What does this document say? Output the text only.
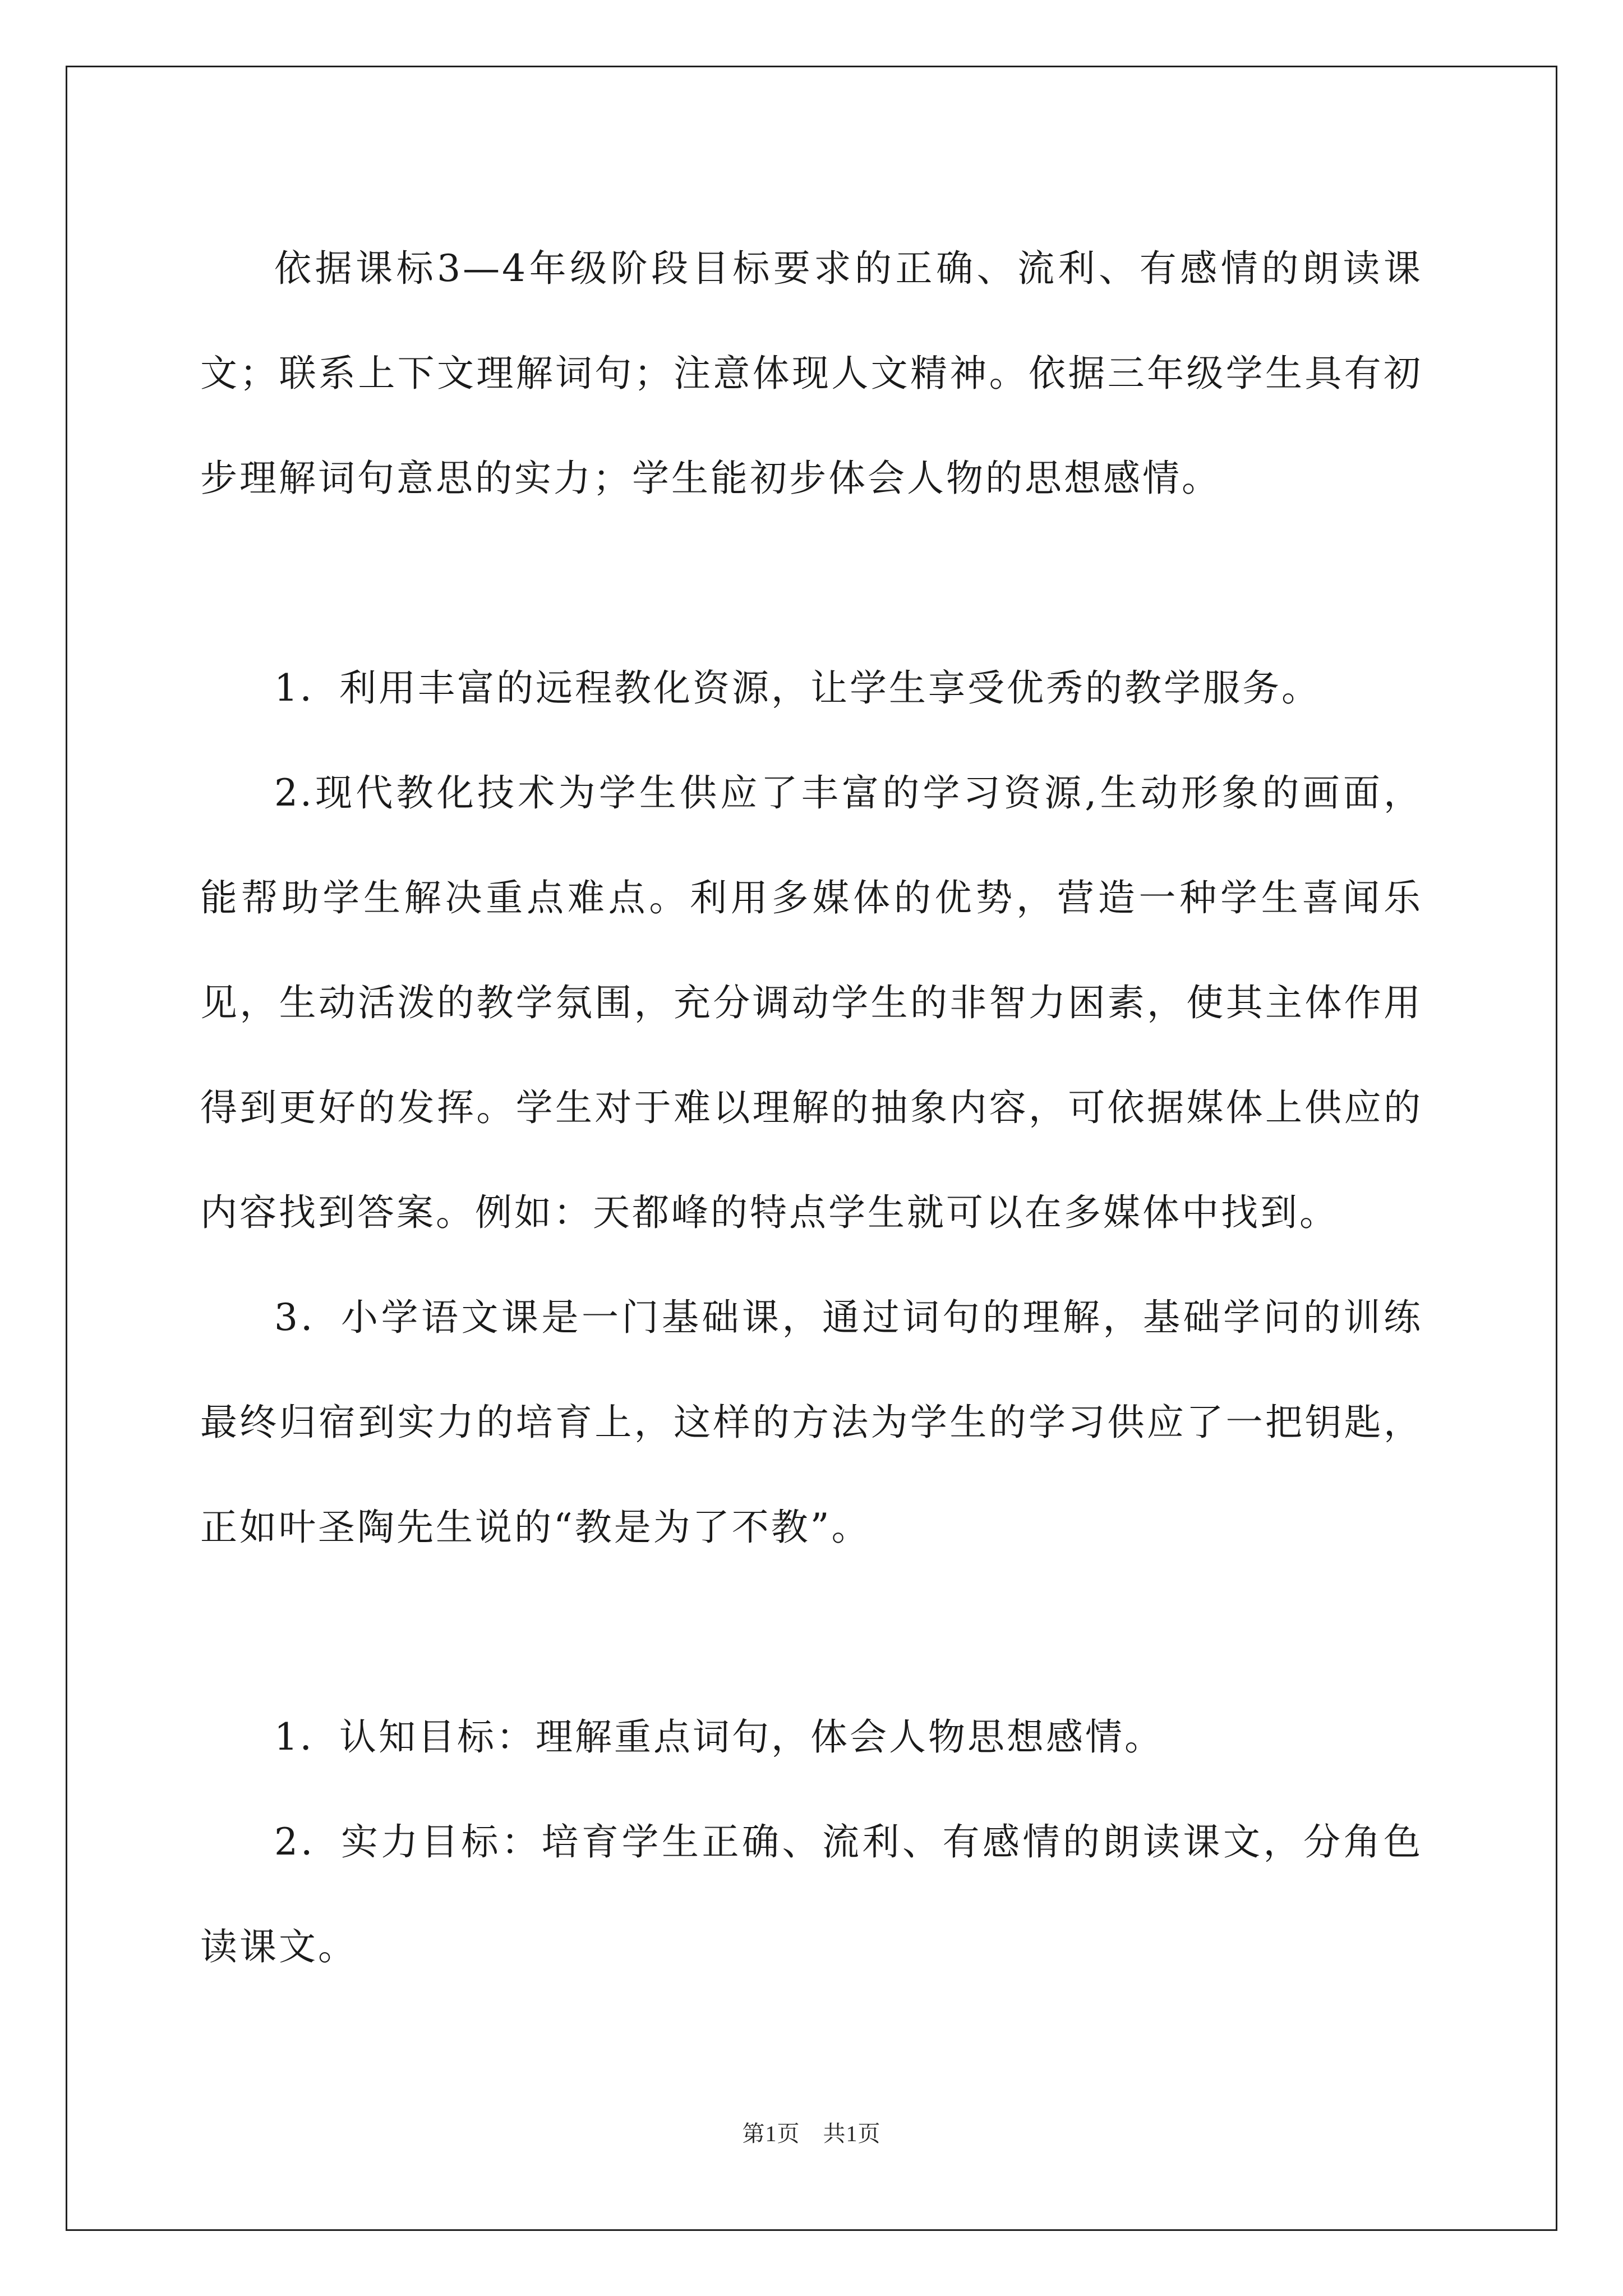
依据课标3—4年级阶段目标要求的正确、流利、有感情的朗读课文；联系上下文理解词句；注意体现人文精神。依据三年级学生具有初步理解词句意思的实力；学生能初步体会人物的思想感情。

1．利用丰富的远程教化资源，让学生享受优秀的教学服务。

2.现代教化技术为学生供应了丰富的学习资源,生动形象的画面，能帮助学生解决重点难点。利用多媒体的优势，营造一种学生喜闻乐见，生动活泼的教学氛围，充分调动学生的非智力困素，使其主体作用得到更好的发挥。学生对于难以理解的抽象内容，可依据媒体上供应的内容找到答案。例如：天都峰的特点学生就可以在多媒体中找到。

3．小学语文课是一门基础课，通过词句的理解，基础学问的训练最终归宿到实力的培育上，这样的方法为学生的学习供应了一把钥匙，正如叶圣陶先生说的“教是为了不教”。

1．认知目标：理解重点词句，体会人物思想感情。

2．实力目标：培育学生正确、流利、有感情的朗读课文，分角色读课文。

第1页　共1页
